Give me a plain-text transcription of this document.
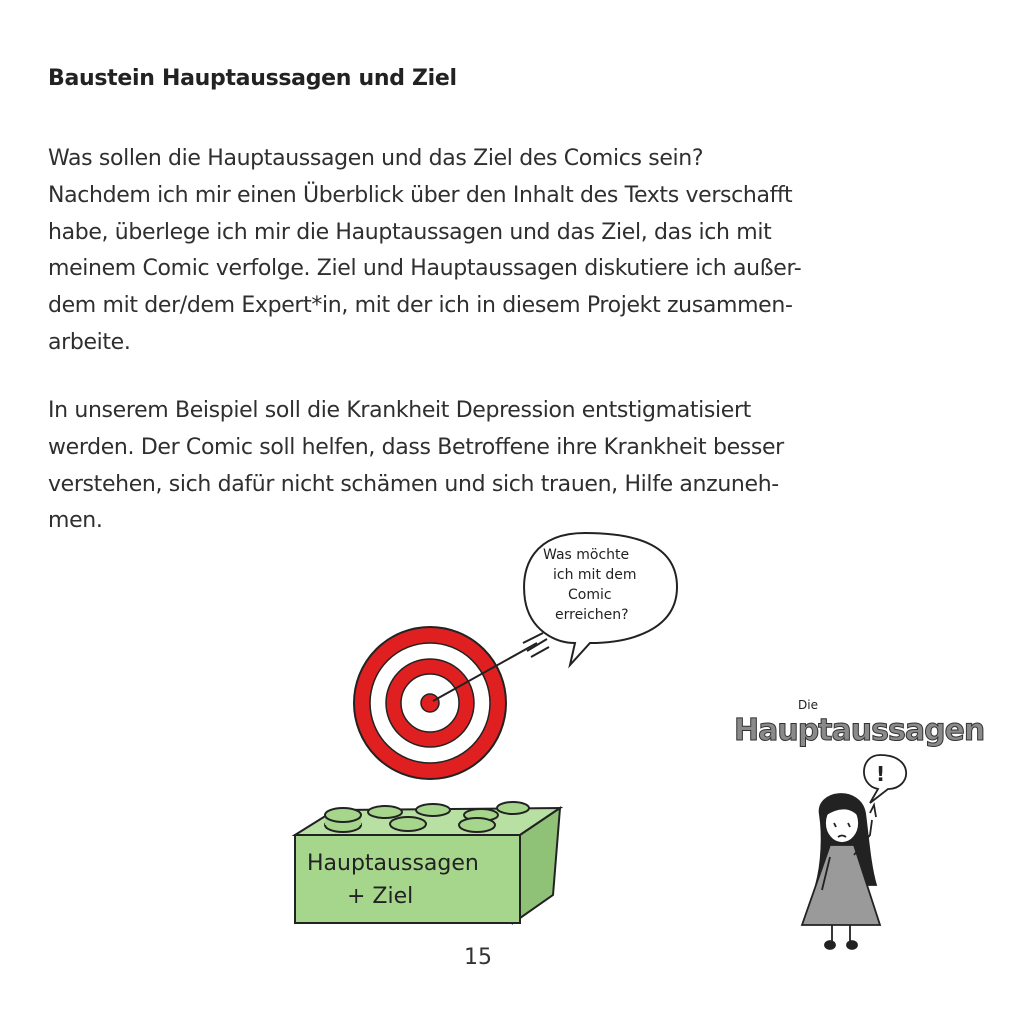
Baustein Hauptaussagen und Ziel

Was sollen die Hauptaussagen und das Ziel des Comics sein?
Nachdem ich mir einen Überblick über den Inhalt des Texts verschafft
habe, überlege ich mir die Hauptaussagen und das Ziel, das ich mit
meinem Comic verfolge. Ziel und Hauptaussagen diskutiere ich außer-
dem mit der/dem Expert*in, mit der ich in diesem Projekt zusammen-
arbeite.

In unserem Beispiel soll die Krankheit Depression entstigmatisiert
werden. Der Comic soll helfen, dass Betroffene ihre Krankheit besser
verstehen, sich dafür nicht schämen und sich trauen, Hilfe anzuneh-
men.

Was möchte
ich mit dem
Comic
erreichen?
Hauptaussagen
+ Ziel
Die
Hauptaussagen
!
15
